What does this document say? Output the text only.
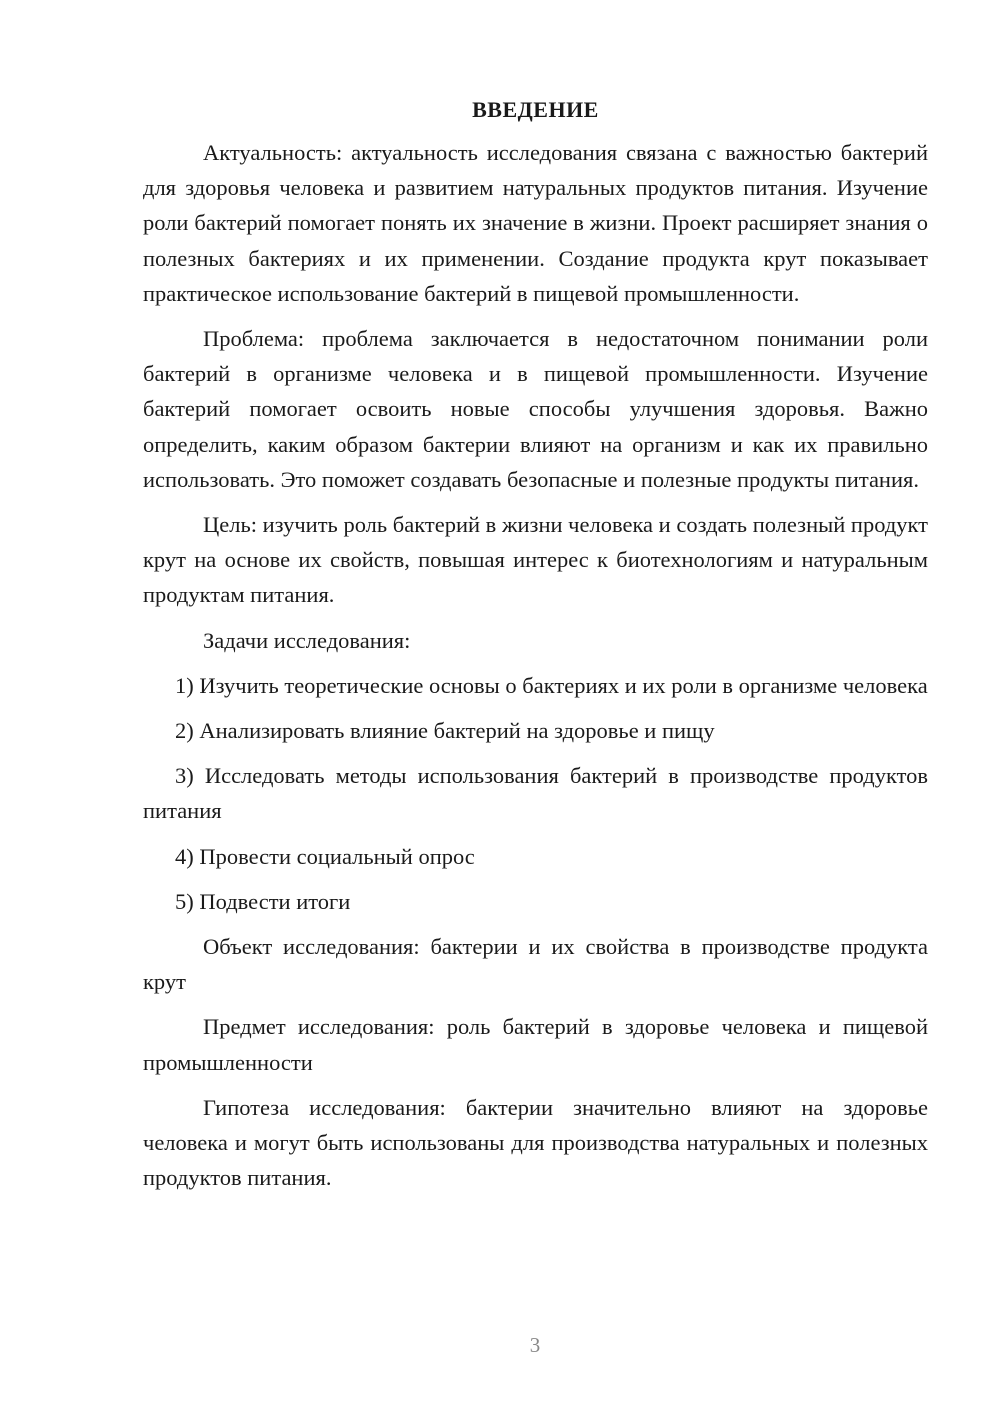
ВВЕДЕНИЕ

Актуальность: актуальность исследования связана с важностью бактерий для здоровья человека и развитием натуральных продуктов питания. Изучение роли бактерий помогает понять их значение в жизни. Проект расширяет знания о полезных бактериях и их применении. Создание продукта крут показывает практическое использование бактерий в пищевой промышленности.

Проблема: проблема заключается в недостаточном понимании роли бактерий в организме человека и в пищевой промышленности. Изучение бактерий помогает освоить новые способы улучшения здоровья. Важно определить, каким образом бактерии влияют на организм и как их правильно использовать. Это поможет создавать безопасные и полезные продукты питания.

Цель: изучить роль бактерий в жизни человека и создать полезный продукт крут на основе их свойств, повышая интерес к биотехнологиям и натуральным продуктам питания.

Задачи исследования:

1) Изучить теоретические основы о бактериях и их роли в организме человека

2) Анализировать влияние бактерий на здоровье и пищу

3) Исследовать методы использования бактерий в производстве продуктов питания

4) Провести социальный опрос

5) Подвести итоги

Объект исследования: бактерии и их свойства в производстве продукта крут

Предмет исследования: роль бактерий в здоровье человека и пищевой промышленности

Гипотеза исследования: бактерии значительно влияют на здоровье человека и могут быть использованы для производства натуральных и полезных продуктов питания.

3
